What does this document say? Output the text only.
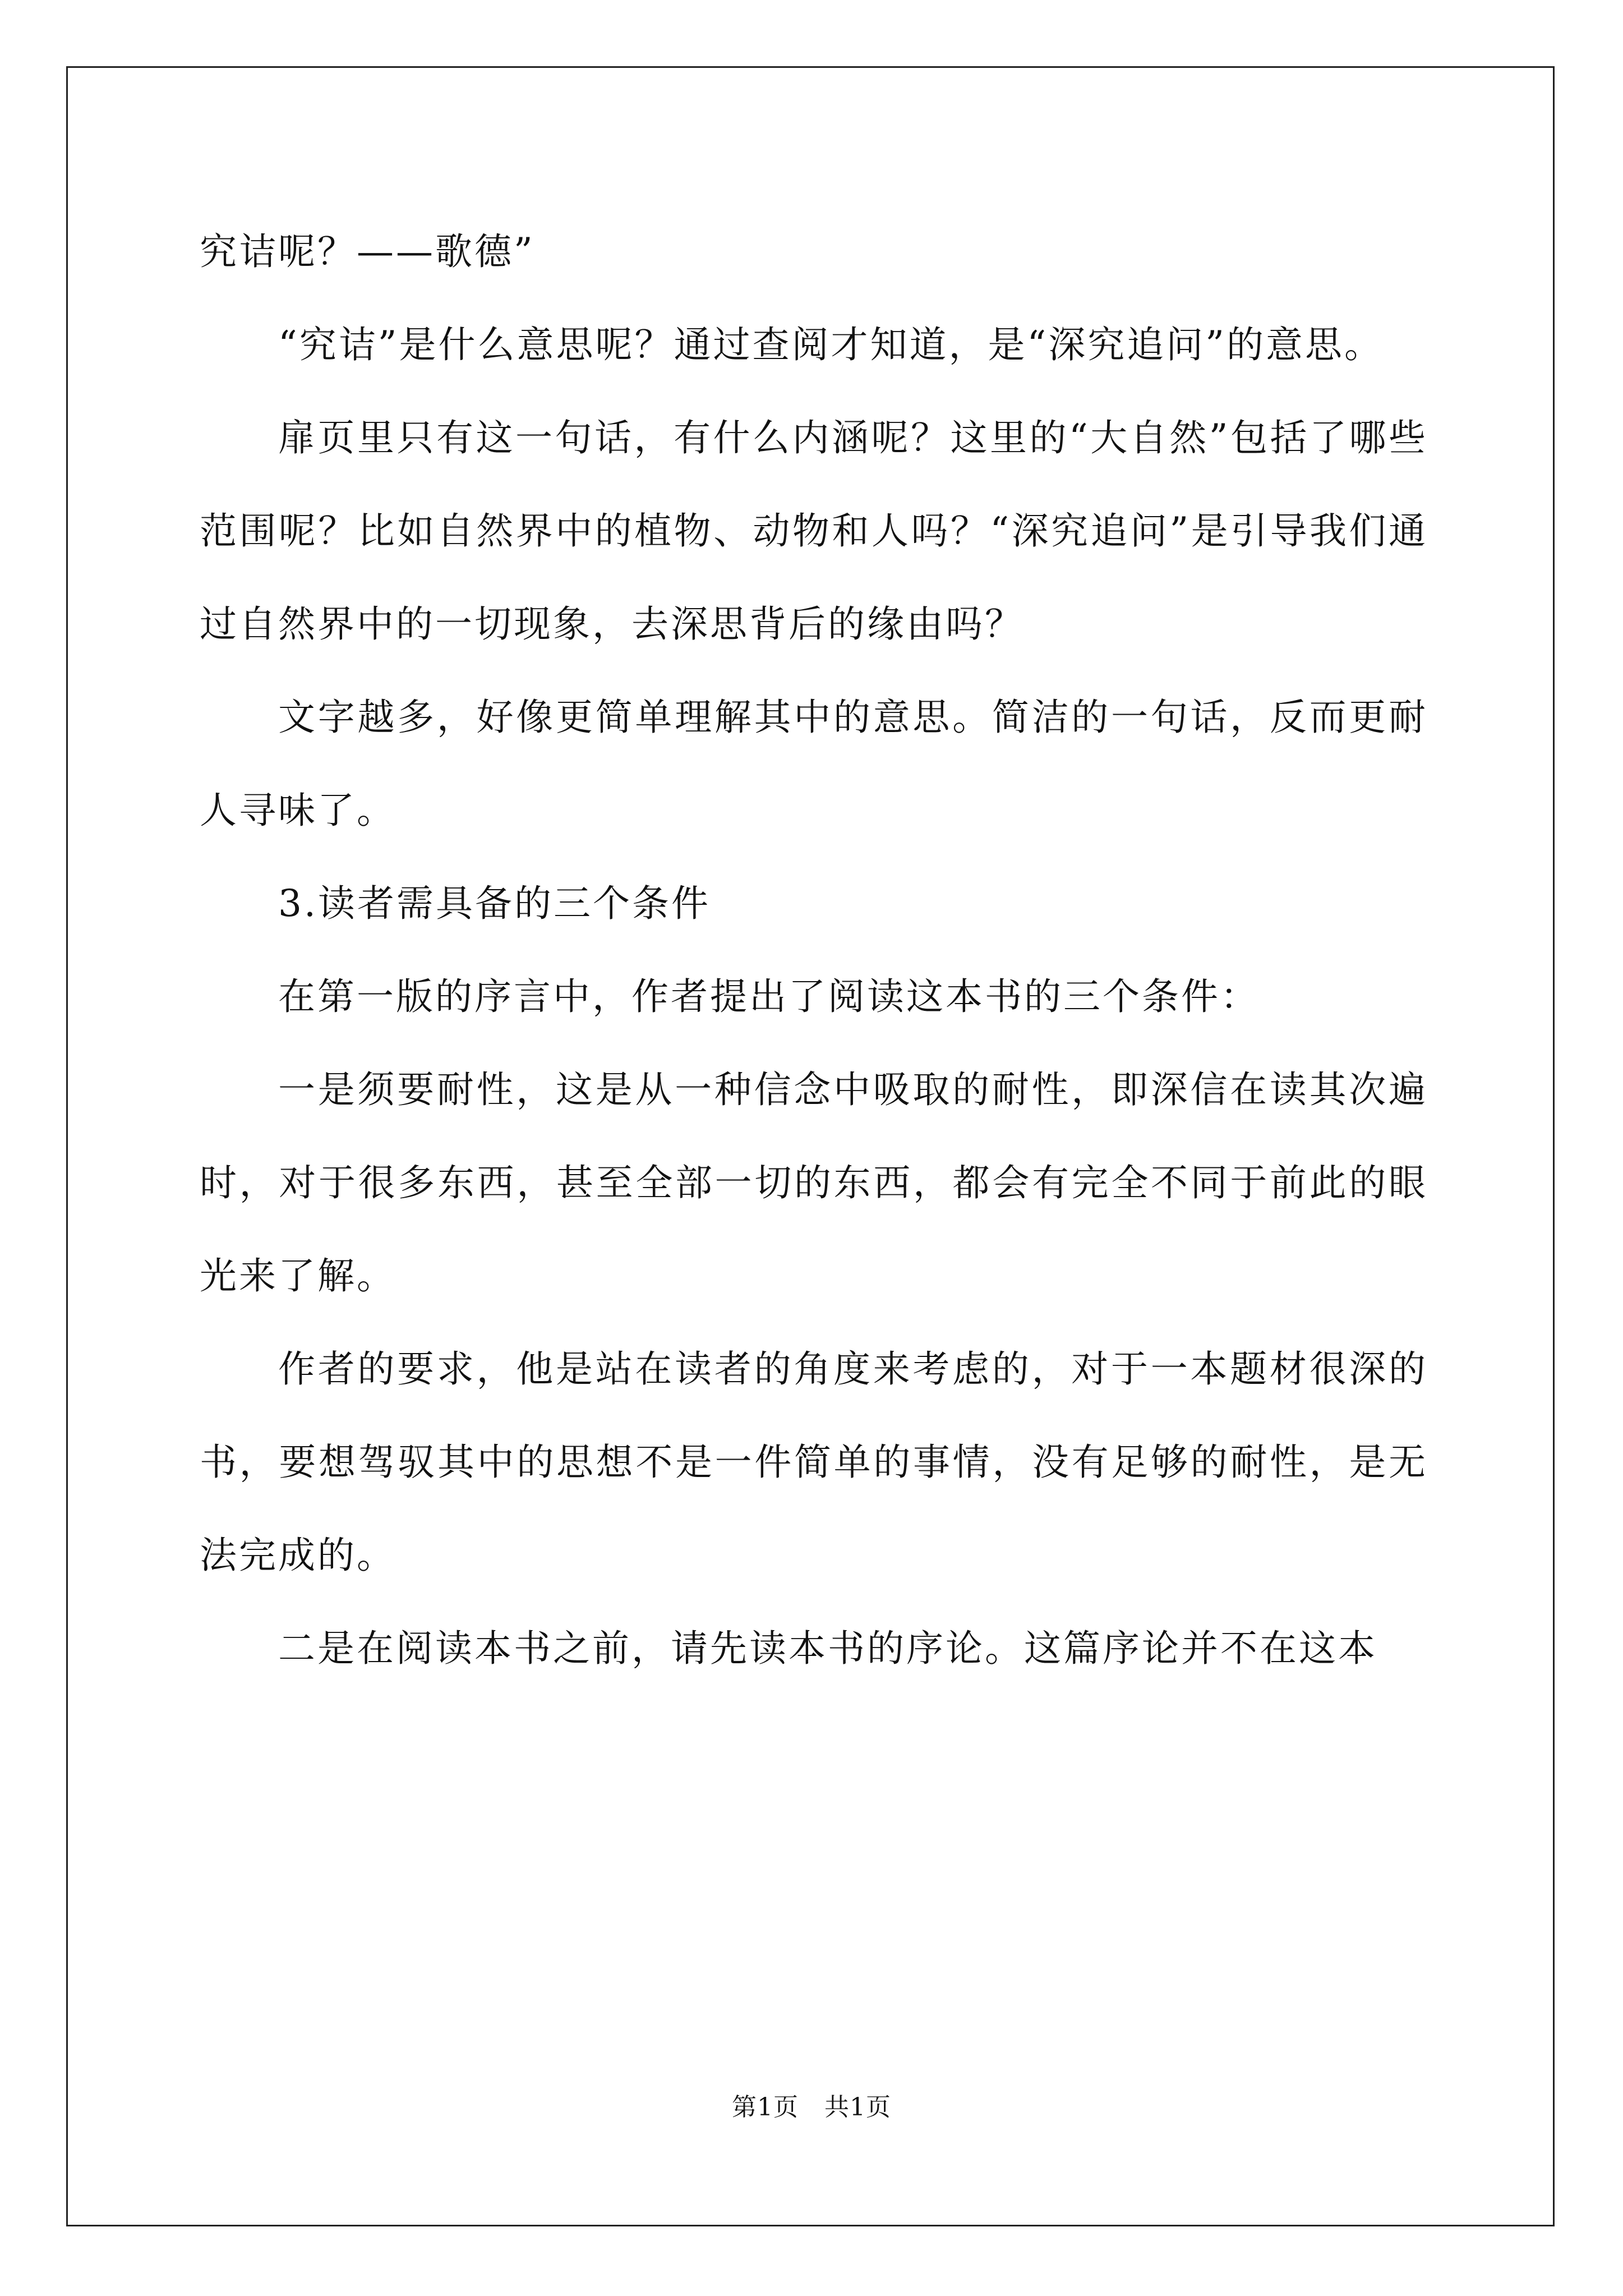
究诘呢？——歌德”

“究诘”是什么意思呢？通过查阅才知道，是“深究追问”的意思。

扉页里只有这一句话，有什么内涵呢？这里的“大自然”包括了哪些范围呢？比如自然界中的植物、动物和人吗？“深究追问”是引导我们通过自然界中的一切现象，去深思背后的缘由吗？

文字越多，好像更简单理解其中的意思。简洁的一句话，反而更耐人寻味了。

3.读者需具备的三个条件

在第一版的序言中，作者提出了阅读这本书的三个条件：

一是须要耐性，这是从一种信念中吸取的耐性，即深信在读其次遍时，对于很多东西，甚至全部一切的东西，都会有完全不同于前此的眼光来了解。

作者的要求，他是站在读者的角度来考虑的，对于一本题材很深的书，要想驾驭其中的思想不是一件简单的事情，没有足够的耐性，是无法完成的。

二是在阅读本书之前，请先读本书的序论。这篇序论并不在这本

第1页 共1页
